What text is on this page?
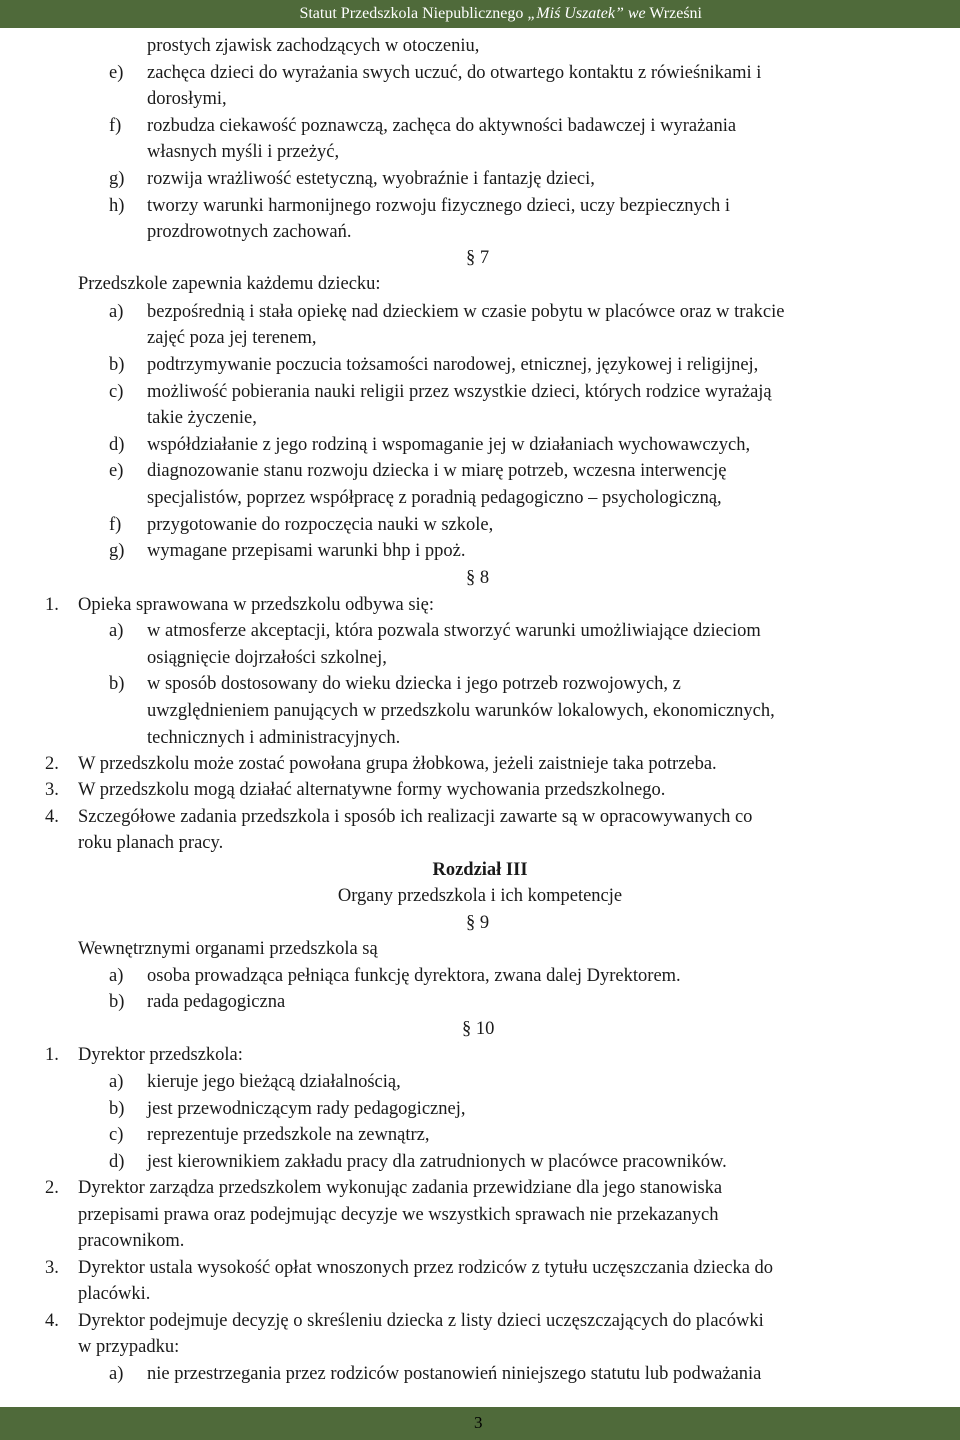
Statut Przedszkola Niepublicznego „Miś Uszatek” we Wrześni
prostych zjawisk zachodzących w otoczeniu,
e) zachęca dzieci do wyrażania swych uczuć, do otwartego kontaktu z rówieśnikami i
dorosłymi,
f) rozbudza ciekawość poznawczą, zachęca do aktywności badawczej i wyrażania
własnych myśli i przeżyć,
g) rozwija wrażliwość estetyczną, wyobraźnie i fantazję dzieci,
h) tworzy warunki harmonijnego rozwoju fizycznego dzieci, uczy bezpiecznych i
prozdrowotnych zachowań.
§ 7
Przedszkole zapewnia każdemu dziecku:
a) bezpośrednią i stała opiekę nad dzieckiem w czasie pobytu w placówce oraz w trakcie
zajęć poza jej terenem,
b) podtrzymywanie poczucia tożsamości narodowej, etnicznej, językowej i religijnej,
c) możliwość pobierania nauki religii przez wszystkie dzieci, których rodzice wyrażają
takie życzenie,
d) współdziałanie z jego rodziną i wspomaganie jej w działaniach wychowawczych,
e) diagnozowanie stanu rozwoju dziecka i w miarę potrzeb, wczesna interwencję
specjalistów, poprzez współpracę z poradnią pedagogiczno – psychologiczną,
f) przygotowanie do rozpoczęcia nauki w szkole,
g) wymagane przepisami warunki bhp i ppoż.
§ 8
1. Opieka sprawowana w przedszkolu odbywa się:
a) w atmosferze akceptacji, która pozwala stworzyć warunki umożliwiające dzieciom
osiągnięcie dojrzałości szkolnej,
b) w sposób dostosowany do wieku dziecka i jego potrzeb rozwojowych, z
uwzględnieniem panujących w przedszkolu warunków lokalowych, ekonomicznych,
technicznych i administracyjnych.
2. W przedszkolu może zostać powołana grupa żłobkowa, jeżeli zaistnieje taka potrzeba.
3. W przedszkolu mogą działać alternatywne formy wychowania przedszkolnego.
4. Szczegółowe zadania przedszkola i sposób ich realizacji zawarte są w opracowywanych co
roku planach pracy.
Rozdział III
Organy przedszkola i ich kompetencje
§ 9
Wewnętrznymi organami przedszkola są
a) osoba prowadząca pełniąca funkcję dyrektora, zwana dalej Dyrektorem.
b) rada pedagogiczna
§ 10
1. Dyrektor przedszkola:
a) kieruje jego bieżącą działalnością,
b) jest przewodniczącym rady pedagogicznej,
c) reprezentuje przedszkole na zewnątrz,
d) jest kierownikiem zakładu pracy dla zatrudnionych w placówce pracowników.
2. Dyrektor zarządza przedszkolem wykonując zadania przewidziane dla jego stanowiska
przepisami prawa oraz podejmując decyzje we wszystkich sprawach nie przekazanych
pracownikom.
3. Dyrektor ustala wysokość opłat wnoszonych przez rodziców z tytułu uczęszczania dziecka do
placówki.
4. Dyrektor podejmuje decyzję o skreśleniu dziecka z listy dzieci uczęszczających do placówki
w przypadku:
a) nie przestrzegania przez rodziców postanowień niniejszego statutu lub podważania
3
